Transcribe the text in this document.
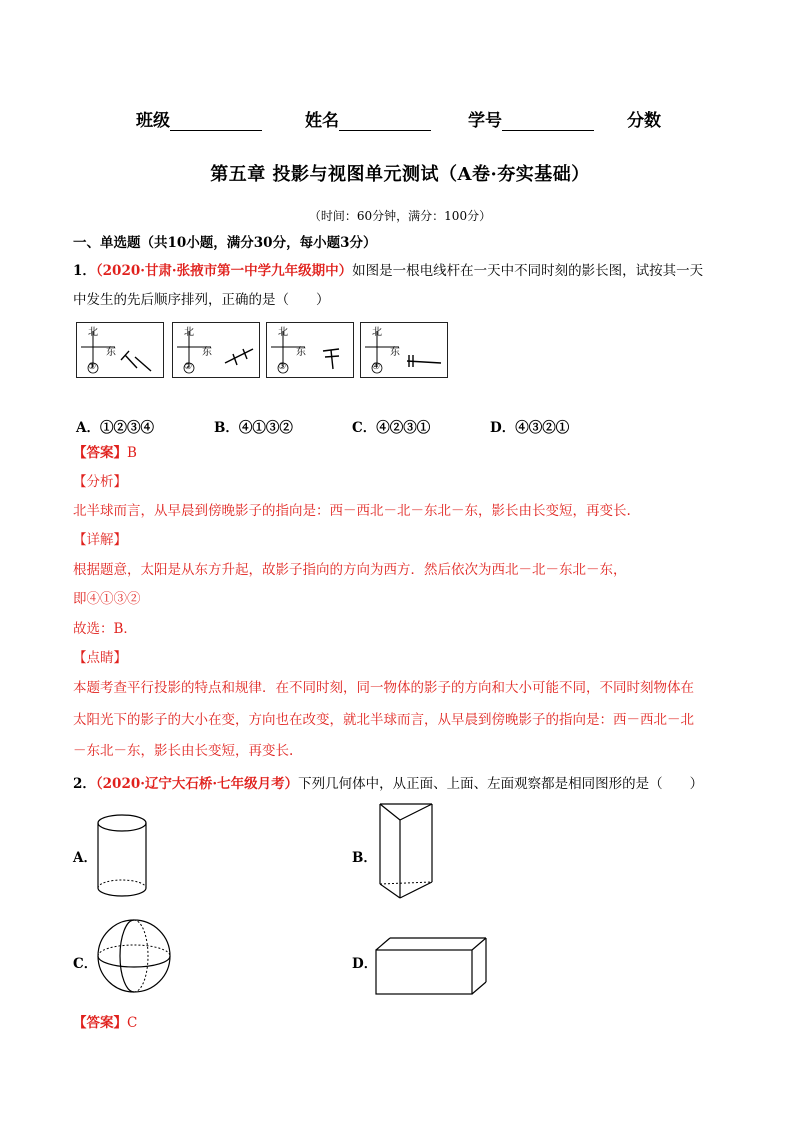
班级	姓名	学号	分数
第五章 投影与视图单元测试（A卷·夯实基础）
（时间：60分钟，满分：100分）
一、单选题（共10小题，满分30分，每小题3分）
1．（2020·甘肃·张掖市第一中学九年级期中）如图是一根电线杆在一天中不同时刻的影长图，试按其一天
中发生的先后顺序排列，正确的是（　　）
北
东
①
北
东
②
北
东
③
北
东
④
A．①②③④	B．④①③②	C．④②③①	D．④③②①
【答案】B
【分析】
北半球而言，从早晨到傍晚影子的指向是：西－西北－北－东北－东，影长由长变短，再变长.
【详解】
根据题意，太阳是从东方升起，故影子指向的方向为西方．然后依次为西北－北－东北－东，
即④①③②
故选：B．
【点睛】
本题考查平行投影的特点和规律．在不同时刻，同一物体的影子的方向和大小可能不同，不同时刻物体在
太阳光下的影子的大小在变，方向也在改变，就北半球而言，从早晨到傍晚影子的指向是：西－西北－北
－东北－东，影长由长变短，再变长.
2．（2020·辽宁大石桥·七年级月考）下列几何体中，从正面、上面、左面观察都是相同图形的是（　　）
A．	B．
C．	D．
【答案】C
